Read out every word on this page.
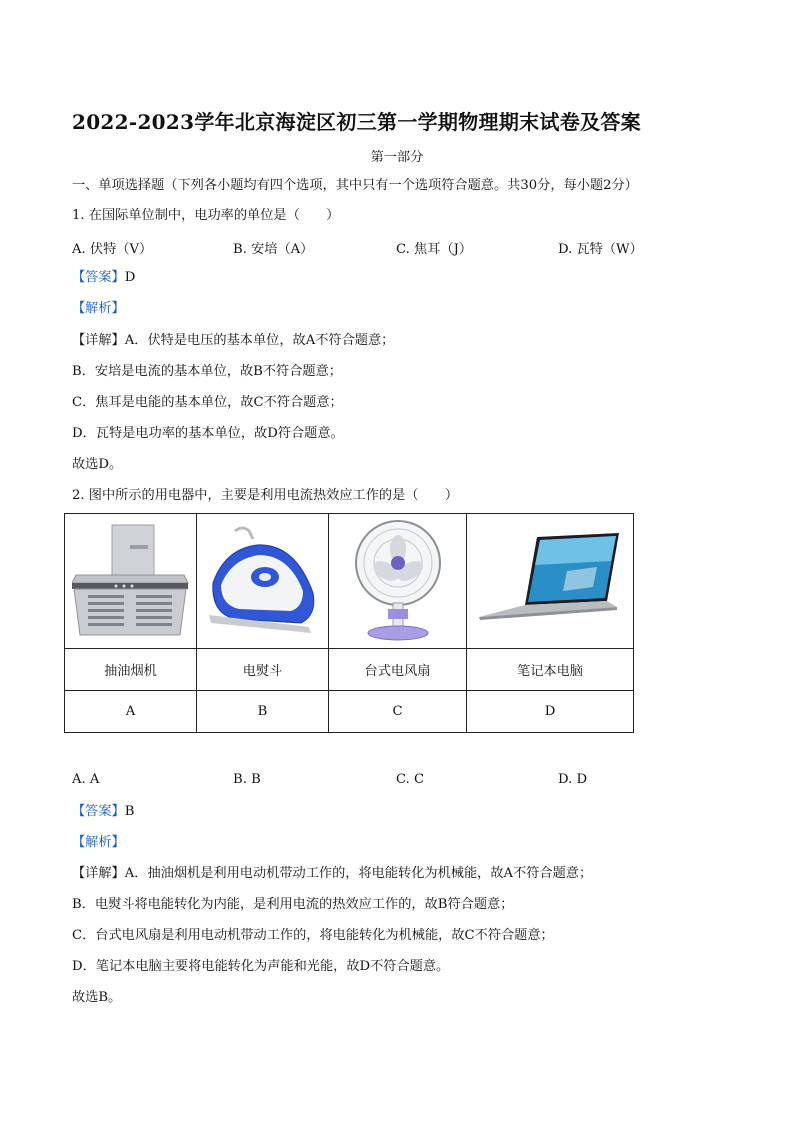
2022-2023学年北京海淀区初三第一学期物理期末试卷及答案
第一部分
一、单项选择题（下列各小题均有四个选项，其中只有一个选项符合题意。共30分，每小题2分）
1. 在国际单位制中，电功率的单位是（　　）
A. 伏特（V）	B. 安培（A）	C. 焦耳（J）	D. 瓦特（W）
【答案】D
【解析】
【详解】A．伏特是电压的基本单位，故A不符合题意；
B．安培是电流的基本单位，故B不符合题意；
C．焦耳是电能的基本单位，故C不符合题意；
D．瓦特是电功率的基本单位，故D符合题意。
故选D。
2. 图中所示的用电器中，主要是利用电流热效应工作的是（　　）

抽油烟机	电熨斗	台式电风扇	笔记本电脑
A	B	C	D
A. A	B. B	C. C	D. D
【答案】B
【解析】
【详解】A．抽油烟机是利用电动机带动工作的，将电能转化为机械能，故A不符合题意；
B．电熨斗将电能转化为内能，是利用电流的热效应工作的，故B符合题意；
C．台式电风扇是利用电动机带动工作的，将电能转化为机械能，故C不符合题意；
D．笔记本电脑主要将电能转化为声能和光能，故D不符合题意。
故选B。
